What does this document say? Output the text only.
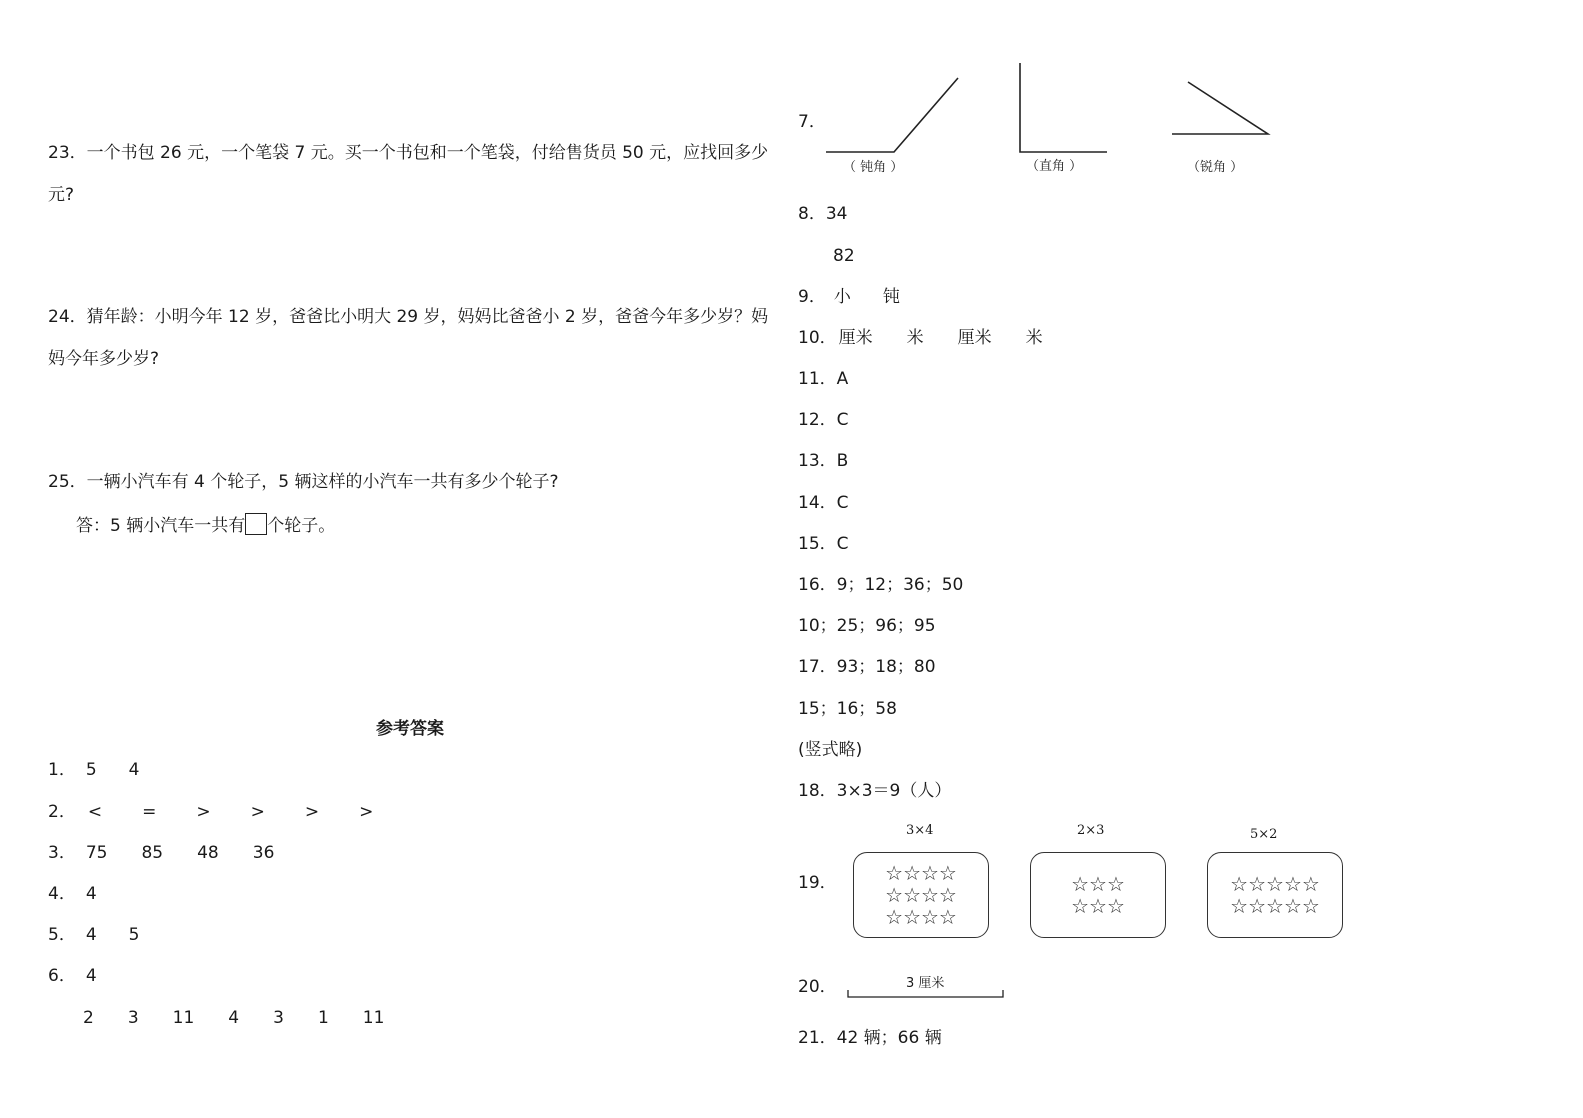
23．一个书包 26 元，一个笔袋 7 元。买一个书包和一个笔袋，付给售货员 50 元，应找回多少
元?
24．猜年龄：小明今年 12 岁，爸爸比小明大 29 岁，妈妈比爸爸小 2 岁，爸爸今年多少岁？妈
妈今年多少岁?
25．一辆小汽车有 4 个轮子，5 辆这样的小汽车一共有多少个轮子?
答：5 辆小汽车一共有 个轮子。
参考答案
1． 5 4
2． < = > > > >
3． 75 85 48 36
4． 4
5． 4 5
6． 4
2 3 11 4 3 1 11
7．
（ 钝角 ）	（直角 ）	（锐角 ）
8．34
82
9． 小 钝
10． 厘米 米 厘米 米
11．A
12．C
13．B
14．C
15．C
16．9；12；36；50
10；25；96；95
17．93；18；80
15；16；58
(竖式略)
18．3×3＝9（人）
19．
3×4
☆☆☆☆
☆☆☆☆
☆☆☆☆
2×3
☆☆☆
☆☆☆
5×2
☆☆☆☆☆
☆☆☆☆☆
20．	3 厘米
21．42 辆；66 辆
